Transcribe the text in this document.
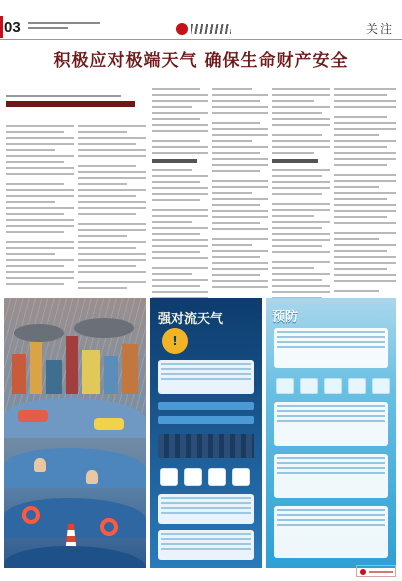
03	关注
积极应对极端天气 确保生命财产安全
强对流天气
!
预防
